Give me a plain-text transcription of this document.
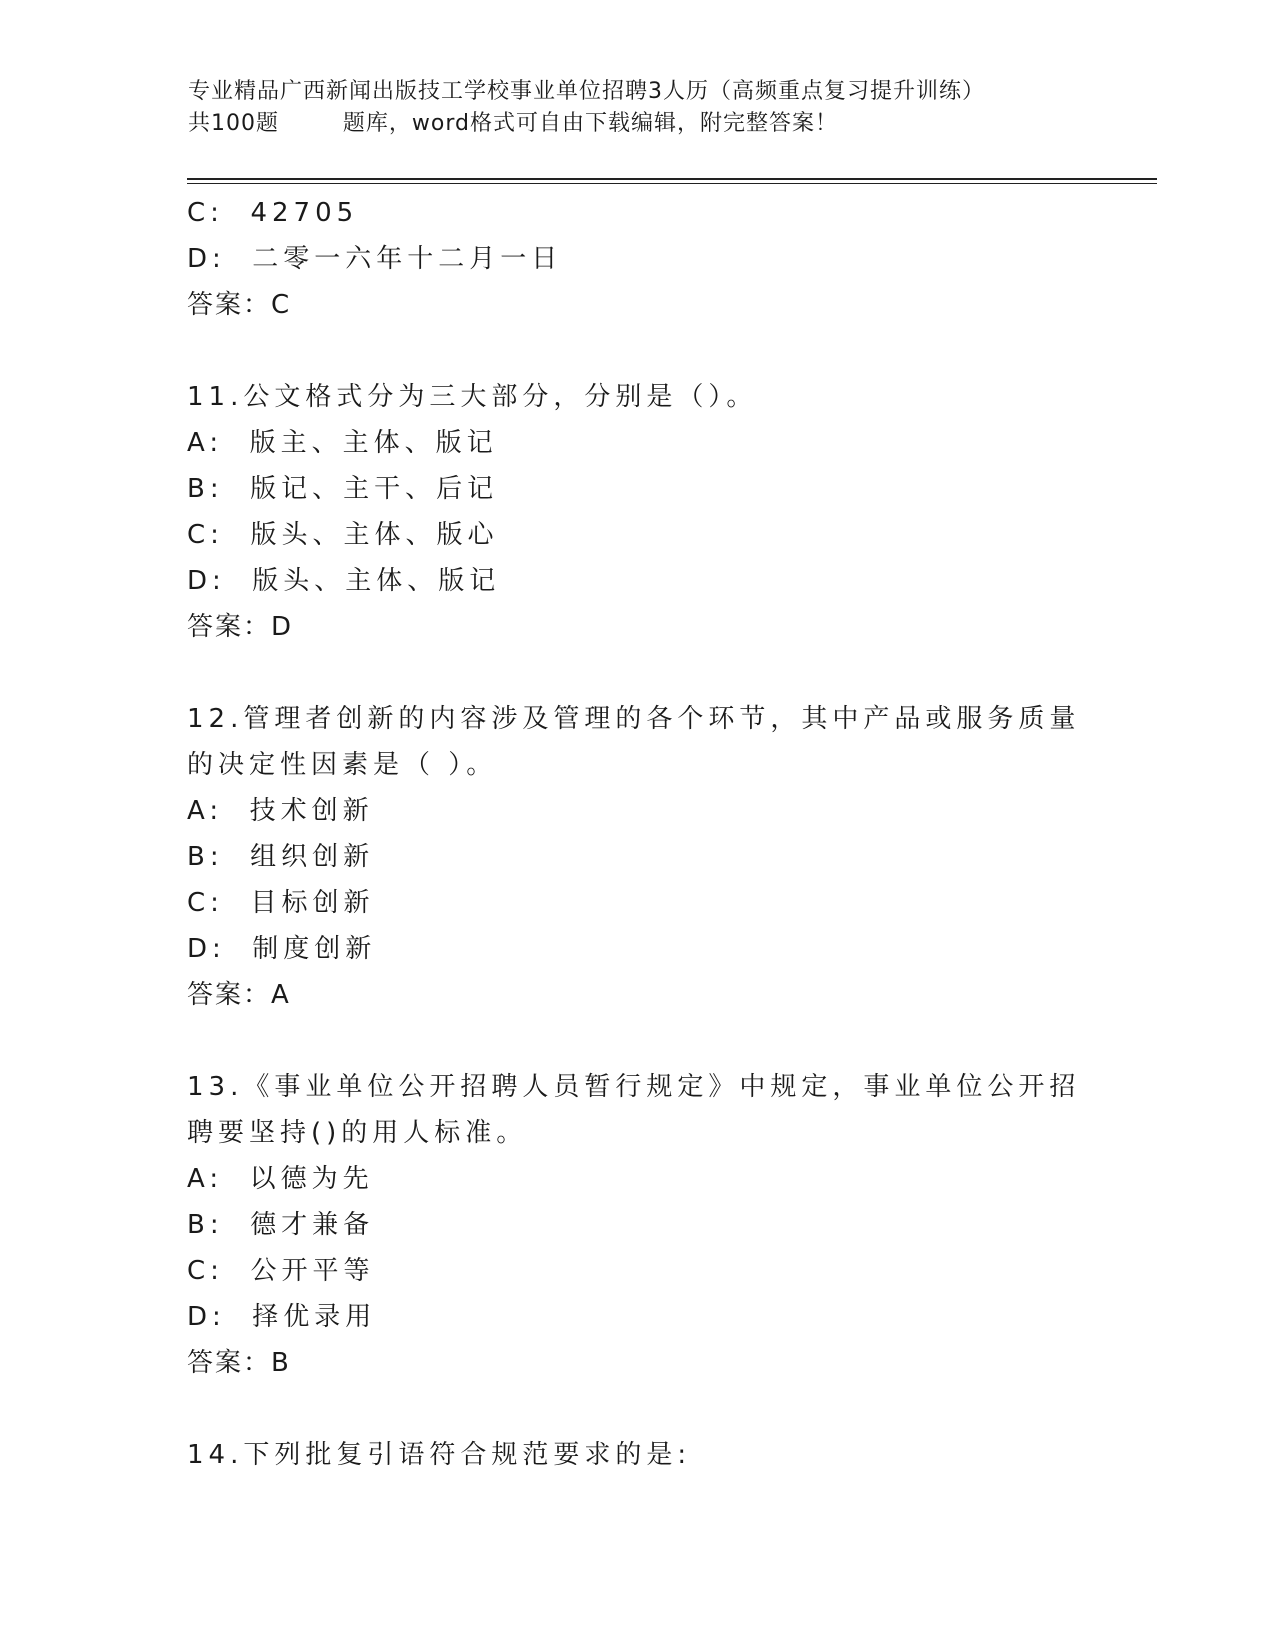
专业精品广西新闻出版技工学校事业单位招聘3人历（高频重点复习提升训练）
共100题        题库，word格式可自由下载编辑，附完整答案！
C:  42705
D:  二零一六年十二月一日
答案：C
11.公文格式分为三大部分，分别是（）。
A:  版主、主体、版记
B:  版记、主干、后记
C:  版头、主体、版心
D:  版头、主体、版记
答案：D
12.管理者创新的内容涉及管理的各个环节，其中产品或服务质量的决定性因素是（ ）。
A:  技术创新
B:  组织创新
C:  目标创新
D:  制度创新
答案：A
13.《事业单位公开招聘人员暂行规定》中规定，事业单位公开招聘要坚持()的用人标准。
A:  以德为先
B:  德才兼备
C:  公开平等
D:  择优录用
答案：B
14.下列批复引语符合规范要求的是:
